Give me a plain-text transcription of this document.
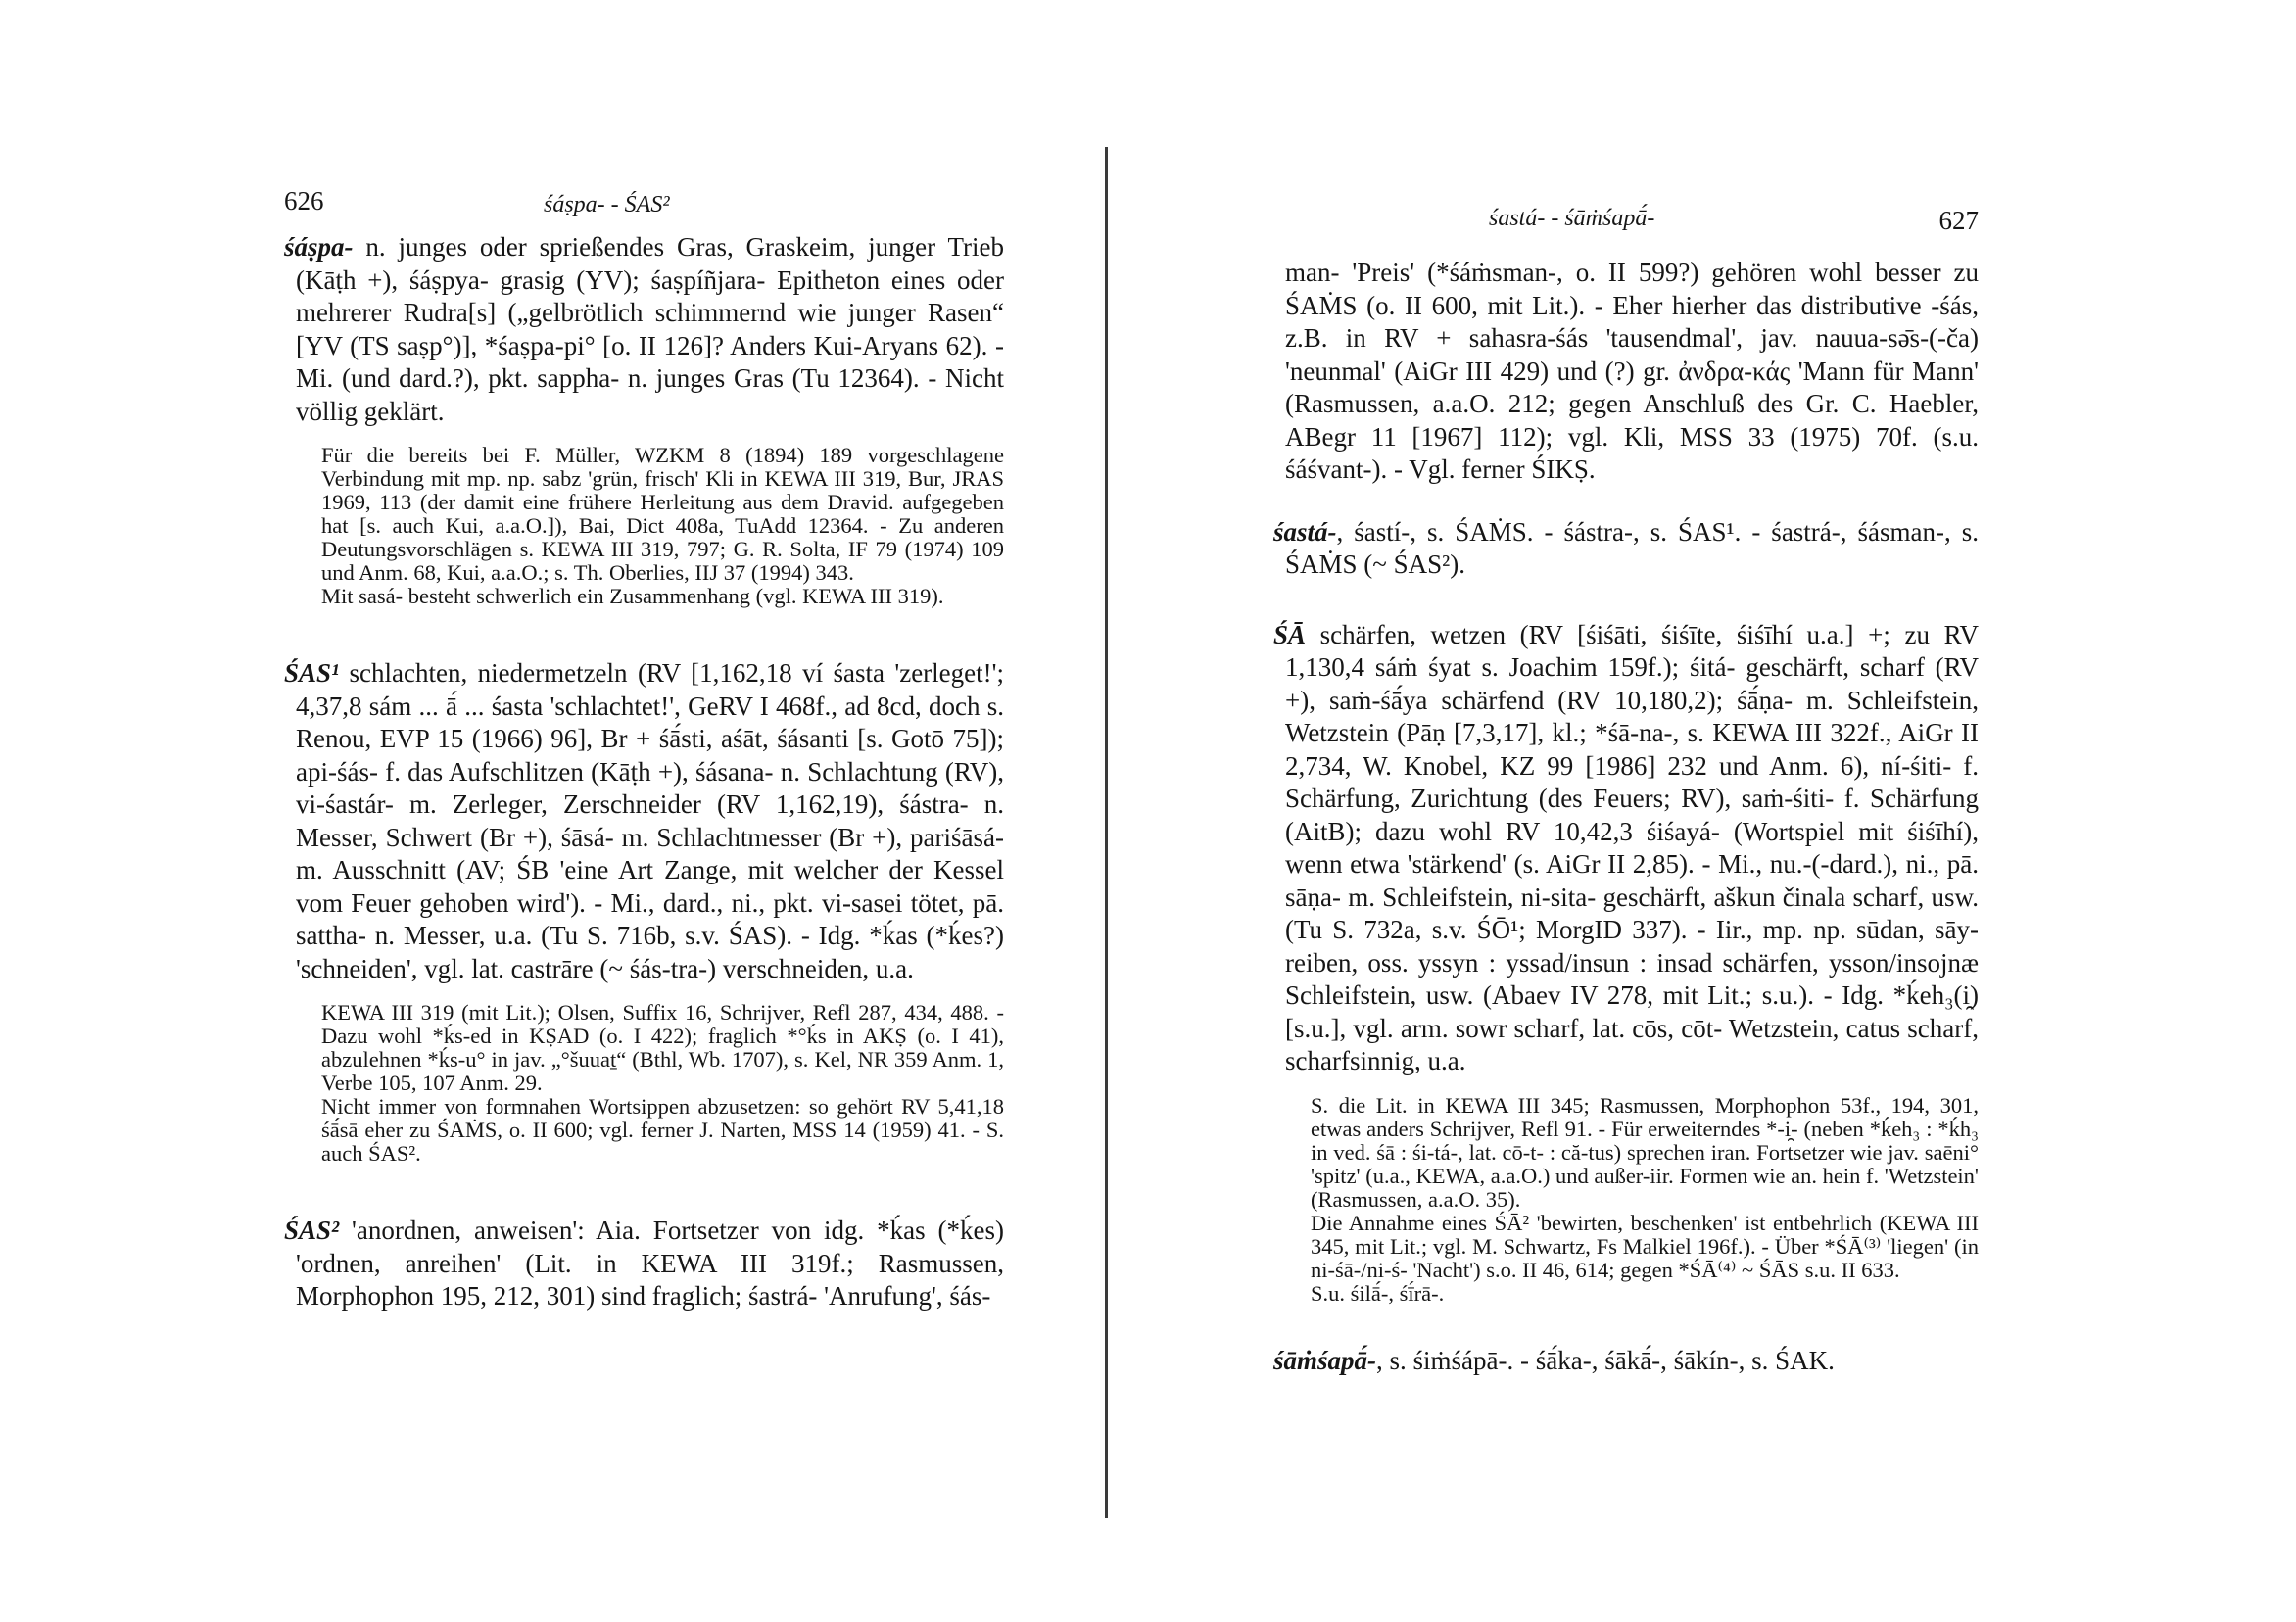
626	śáṣpa- - ŚAS²

śáṣpa- n. junges oder sprießendes Gras, Graskeim, junger Trieb (Kāṭh +), śáṣpya- grasig (YV); śaṣpíñjara- Epitheton eines oder mehrerer Rudra[s] („gelbrötlich schimmernd wie junger Rasen“ [YV (TS saṣp°)], *śaṣpa-pi° [o. II 126]? Anders Kui-Aryans 62). - Mi. (und dard.?), pkt. sappha- n. junges Gras (Tu 12364). - Nicht völlig geklärt.

Für die bereits bei F. Müller, WZKM 8 (1894) 189 vorgeschlagene Verbindung mit mp. np. sabz 'grün, frisch' Kli in KEWA III 319, Bur, JRAS 1969, 113 (der damit eine frühere Herleitung aus dem Dravid. aufgegeben hat [s. auch Kui, a.a.O.]), Bai, Dict 408a, TuAdd 12364. - Zu anderen Deutungsvorschlägen s. KEWA III 319, 797; G. R. Solta, IF 79 (1974) 109 und Anm. 68, Kui, a.a.O.; s. Th. Oberlies, IIJ 37 (1994) 343.

Mit sasá- besteht schwerlich ein Zusammenhang (vgl. KEWA III 319).

ŚAS¹ schlachten, niedermetzeln (RV [1,162,18 ví śasta 'zerleget!'; 4,37,8 sám ... ā́ ... śasta 'schlachtet!', GeRV I 468f., ad 8cd, doch s. Renou, EVP 15 (1966) 96], Br + śā́sti, aśāt, śásanti [s. Gotō 75]); api-śás- f. das Aufschlitzen (Kāṭh +), śásana- n. Schlachtung (RV), vi-śastár- m. Zerleger, Zerschneider (RV 1,162,19), śástra- n. Messer, Schwert (Br +), śāsá- m. Schlachtmesser (Br +), pariśāsá- m. Ausschnitt (AV; ŚB 'eine Art Zange, mit welcher der Kessel vom Feuer gehoben wird'). - Mi., dard., ni., pkt. vi-sasei tötet, pā. sattha- n. Messer, u.a. (Tu S. 716b, s.v. ŚAS). - Idg. *ḱas (*ḱes?) 'schneiden', vgl. lat. castrāre (~ śás-tra-) verschneiden, u.a.

KEWA III 319 (mit Lit.); Olsen, Suffix 16, Schrijver, Refl 287, 434, 488. - Dazu wohl *ḱs-ed in KṢAD (o. I 422); fraglich *°ḱs in AKṢ (o. I 41), abzulehnen *ḱs-u° in jav. „°šuuaṯ“ (Bthl, Wb. 1707), s. Kel, NR 359 Anm. 1, Verbe 105, 107 Anm. 29.

Nicht immer von formnahen Wortsippen abzusetzen: so gehört RV 5,41,18 śā́sā eher zu ŚAṀS, o. II 600; vgl. ferner J. Narten, MSS 14 (1959) 41. - S. auch ŚAS².

ŚAS² 'anordnen, anweisen': Aia. Fortsetzer von idg. *ḱas (*ḱes) 'ordnen, anreihen' (Lit. in KEWA III 319f.; Rasmussen, Morphophon 195, 212, 301) sind fraglich; śastrá- 'Anrufung', śás-

śastá- - śāṁśapā́-	627

man- 'Preis' (*śáṁsman-, o. II 599?) gehören wohl besser zu ŚAṀS (o. II 600, mit Lit.). - Eher hierher das distributive -śás, z.B. in RV + sahasra-śás 'tausendmal', jav. nauua-sǝ̄s-(-ča) 'neunmal' (AiGr III 429) und (?) gr. ἀνδρα-κάς 'Mann für Mann' (Rasmussen, a.a.O. 212; gegen Anschluß des Gr. C. Haebler, ABegr 11 [1967] 112); vgl. Kli, MSS 33 (1975) 70f. (s.u. śáśvant-). - Vgl. ferner ŚIKṢ.

śastá-, śastí-, s. ŚAṀS. - śástra-, s. ŚAS¹. - śastrá-, śásman-, s. ŚAṀS (~ ŚAS²).

ŚĀ schärfen, wetzen (RV [śiśāti, śiśīte, śiśīhí u.a.] +; zu RV 1,130,4 sáṁ śyat s. Joachim 159f.); śitá- geschärft, scharf (RV +), saṁ-śā́ya schärfend (RV 10,180,2); śā́ṇa- m. Schleifstein, Wetzstein (Pāṇ [7,3,17], kl.; *śā-na-, s. KEWA III 322f., AiGr II 2,734, W. Knobel, KZ 99 [1986] 232 und Anm. 6), ní-śiti- f. Schärfung, Zurichtung (des Feuers; RV), saṁ-śiti- f. Schärfung (AitB); dazu wohl RV 10,42,3 śiśayá- (Wortspiel mit śiśīhí), wenn etwa 'stärkend' (s. AiGr II 2,85). - Mi., nu.-(-dard.), ni., pā. sāṇa- m. Schleifstein, ni-sita- geschärft, aškun činala scharf, usw. (Tu S. 732a, s.v. ŚŌ¹; MorgID 337). - Iir., mp. np. sūdan, sāy- reiben, oss. yssyn : yssad/insun : insad schärfen, ysson/insojnæ Schleifstein, usw. (Abaev IV 278, mit Lit.; s.u.). - Idg. *ḱeh₃(i̯) [s.u.], vgl. arm. sowr scharf, lat. cōs, cōt- Wetzstein, catus scharf, scharfsinnig, u.a.

S. die Lit. in KEWA III 345; Rasmussen, Morphophon 53f., 194, 301, etwas anders Schrijver, Refl 91. - Für erweiterndes *-i̯- (neben *ḱeh₃ : *ḱh₃ in ved. śā : śi-tá-, lat. cō-t- : că-tus) sprechen iran. Fortsetzer wie jav. saēni° 'spitz' (u.a., KEWA, a.a.O.) und außer-iir. Formen wie an. hein f. 'Wetzstein' (Rasmussen, a.a.O. 35).

Die Annahme eines ŚĀ² 'bewirten, beschenken' ist entbehrlich (KEWA III 345, mit Lit.; vgl. M. Schwartz, Fs Malkiel 196f.). - Über *ŚĀ⁽³⁾ 'liegen' (in ni-śā-/ni-ś- 'Nacht') s.o. II 46, 614; gegen *ŚĀ⁽⁴⁾ ~ ŚĀS s.u. II 633.

S.u. śilā́-, śī́rā-.

śāṁśapā́-, s. śiṁśápā-. - śā́ka-, śākā́-, śākín-, s. ŚAK.
